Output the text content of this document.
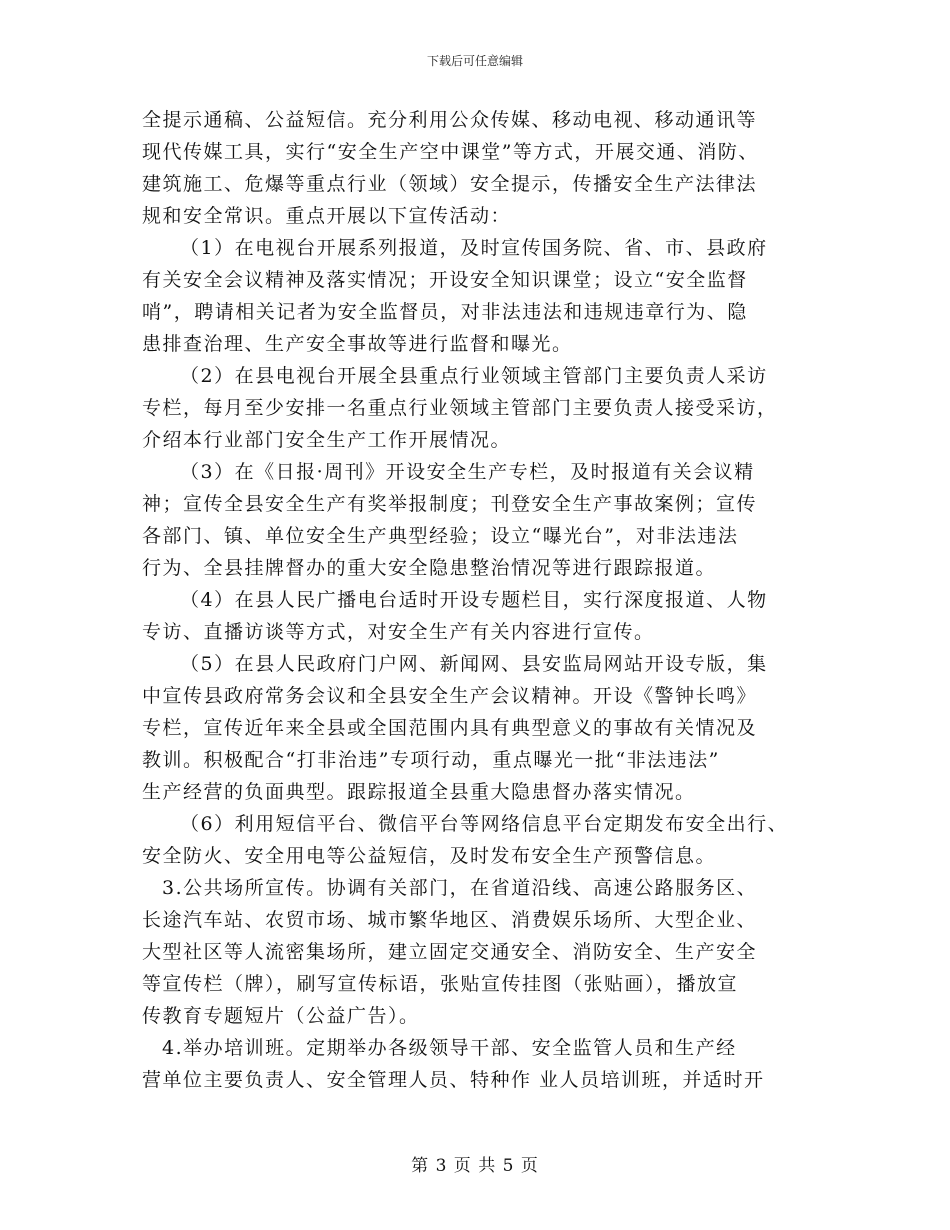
下载后可任意编辑

全提示通稿、公益短信。充分利用公众传媒、移动电视、移动通讯等
现代传媒工具，实行“安全生产空中课堂”等方式，开展交通、消防、
建筑施工、危爆等重点行业（领域）安全提示，传播安全生产法律法
规和安全常识。重点开展以下宣传活动：

（1）在电视台开展系列报道，及时宣传国务院、省、市、县政府
有关安全会议精神及落实情况；开设安全知识课堂；设立“安全监督
哨”，聘请相关记者为安全监督员，对非法违法和违规违章行为、隐
患排查治理、生产安全事故等进行监督和曝光。

（2）在县电视台开展全县重点行业领域主管部门主要负责人采访
专栏，每月至少安排一名重点行业领域主管部门主要负责人接受采访，
介绍本行业部门安全生产工作开展情况。

（3）在《日报·周刊》开设安全生产专栏，及时报道有关会议精
神；宣传全县安全生产有奖举报制度；刊登安全生产事故案例；宣传
各部门、镇、单位安全生产典型经验；设立“曝光台”，对非法违法
行为、全县挂牌督办的重大安全隐患整治情况等进行跟踪报道。

（4）在县人民广播电台适时开设专题栏目，实行深度报道、人物
专访、直播访谈等方式，对安全生产有关内容进行宣传。

（5）在县人民政府门户网、新闻网、县安监局网站开设专版，集
中宣传县政府常务会议和全县安全生产会议精神。开设《警钟长鸣》
专栏，宣传近年来全县或全国范围内具有典型意义的事故有关情况及
教训。积极配合“打非治违”专项行动，重点曝光一批“非法违法”
生产经营的负面典型。跟踪报道全县重大隐患督办落实情况。

（6）利用短信平台、微信平台等网络信息平台定期发布安全出行、
安全防火、安全用电等公益短信，及时发布安全生产预警信息。

3.公共场所宣传。协调有关部门，在省道沿线、高速公路服务区、
长途汽车站、农贸市场、城市繁华地区、消费娱乐场所、大型企业、
大型社区等人流密集场所，建立固定交通安全、消防安全、生产安全
等宣传栏（牌），刷写宣传标语，张贴宣传挂图（张贴画），播放宣
传教育专题短片（公益广告）。

4.举办培训班。定期举办各级领导干部、安全监管人员和生产经
营单位主要负责人、安全管理人员、特种作 业人员培训班，并适时开

第 3 页 共 5 页
